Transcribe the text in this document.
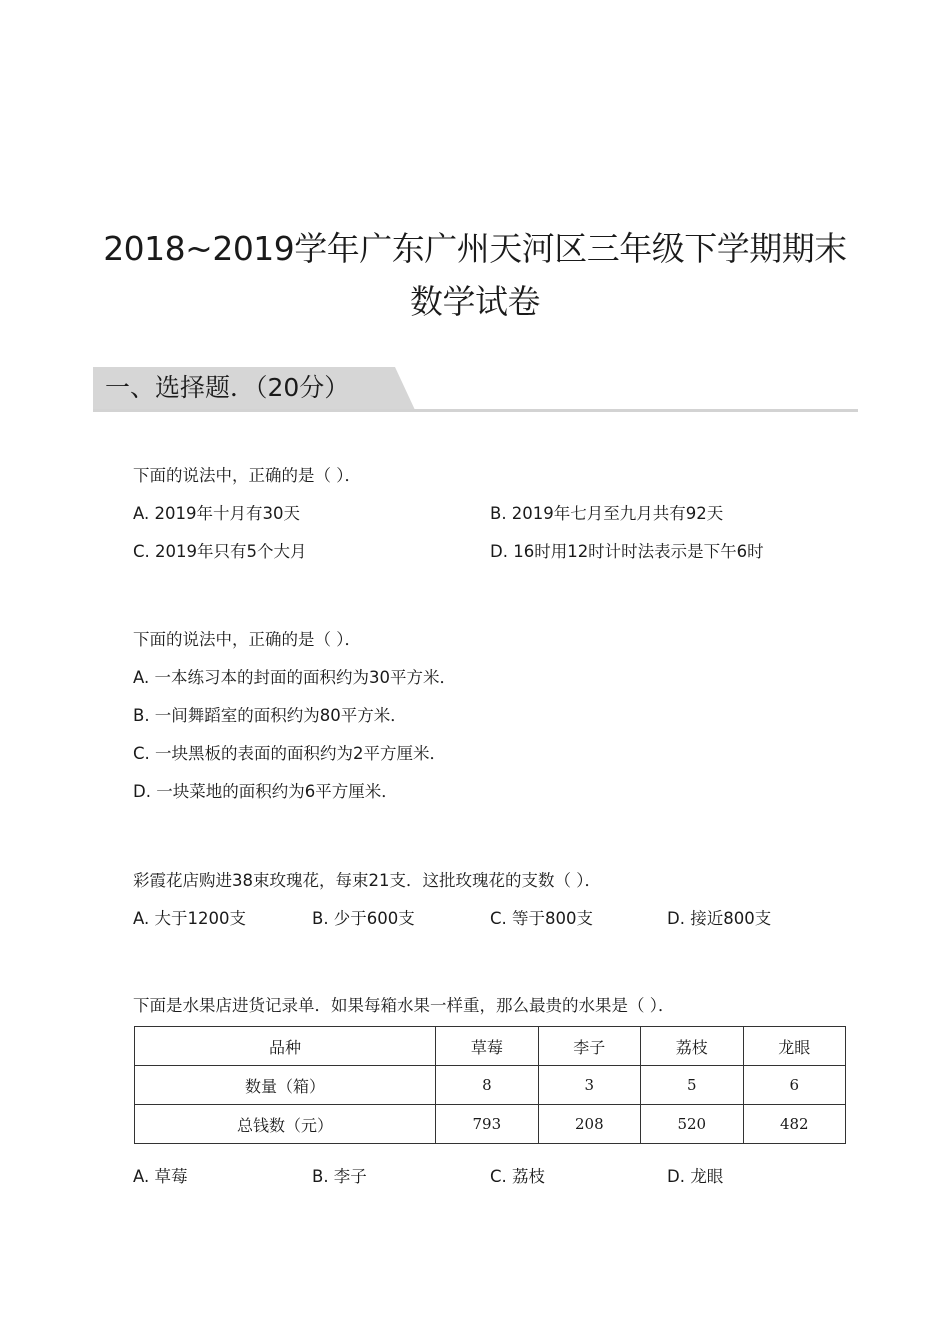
2018~2019学年广东广州天河区三年级下学期期末
数学试卷
一、选择题．（20分）
下面的说法中，正确的是（ ）．
A. 2019年十月有30天	B. 2019年七月至九月共有92天
C. 2019年只有5个大月	D. 16时用12时计时法表示是下午6时
下面的说法中，正确的是（ ）．
A. 一本练习本的封面的面积约为30平方米．
B. 一间舞蹈室的面积约为80平方米．
C. 一块黑板的表面的面积约为2平方厘米．
D. 一块菜地的面积约为6平方厘米．
彩霞花店购进38束玫瑰花，每束21支．这批玫瑰花的支数（ ）．
A. 大于1200支	B. 少于600支	C. 等于800支	D. 接近800支
下面是水果店进货记录单．如果每箱水果一样重，那么最贵的水果是（ ）．
品种	草莓	李子	荔枝	龙眼
数量（箱）	8	3	5	6
总钱数（元）	793	208	520	482
A. 草莓	B. 李子	C. 荔枝	D. 龙眼
